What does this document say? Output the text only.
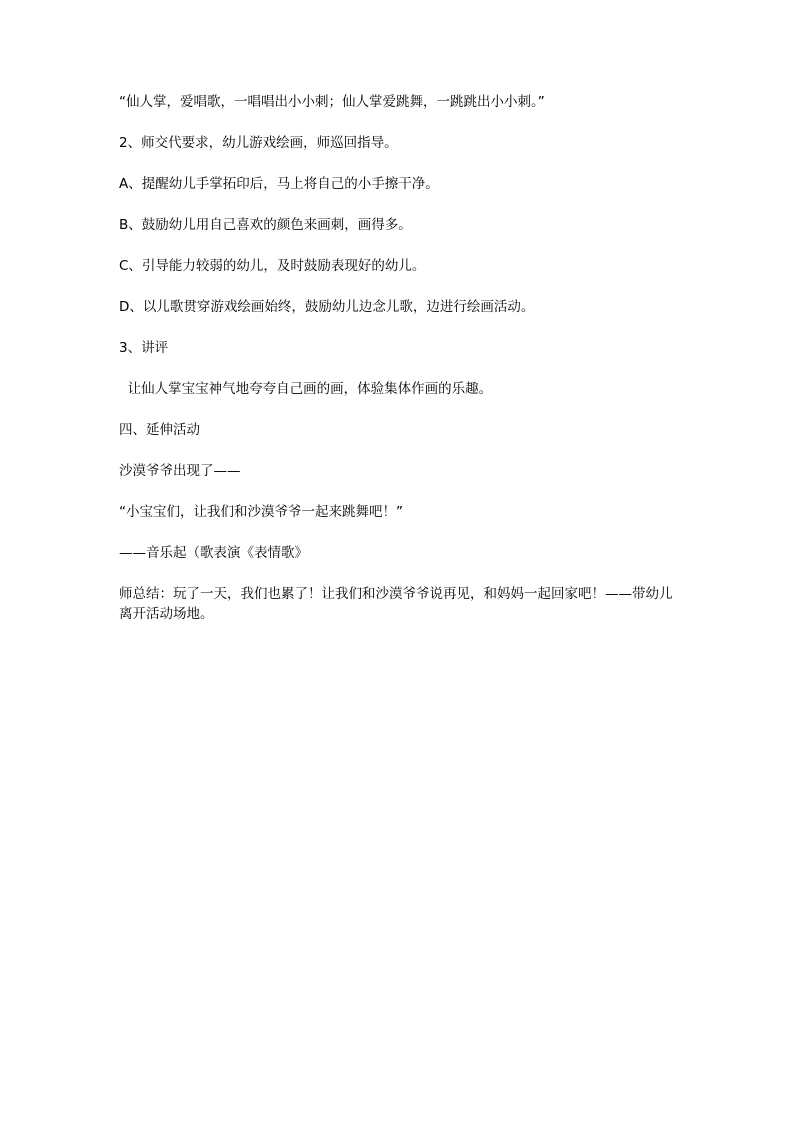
“仙人掌，爱唱歌，一唱唱出小小刺；仙人掌爱跳舞，一跳跳出小小刺。”

2、师交代要求，幼儿游戏绘画，师巡回指导。

A、提醒幼儿手掌拓印后，马上将自己的小手擦干净。

B、鼓励幼儿用自己喜欢的颜色来画刺，画得多。

C、引导能力较弱的幼儿，及时鼓励表现好的幼儿。

D、以儿歌贯穿游戏绘画始终，鼓励幼儿边念儿歌，边进行绘画活动。

3、讲评

让仙人掌宝宝神气地夸夸自己画的画，体验集体作画的乐趣。

四、延伸活动

沙漠爷爷出现了——

“小宝宝们，让我们和沙漠爷爷一起来跳舞吧！”

——音乐起（歌表演《表情歌》

师总结：玩了一天，我们也累了！让我们和沙漠爷爷说再见，和妈妈一起回家吧！——带幼儿离开活动场地。
